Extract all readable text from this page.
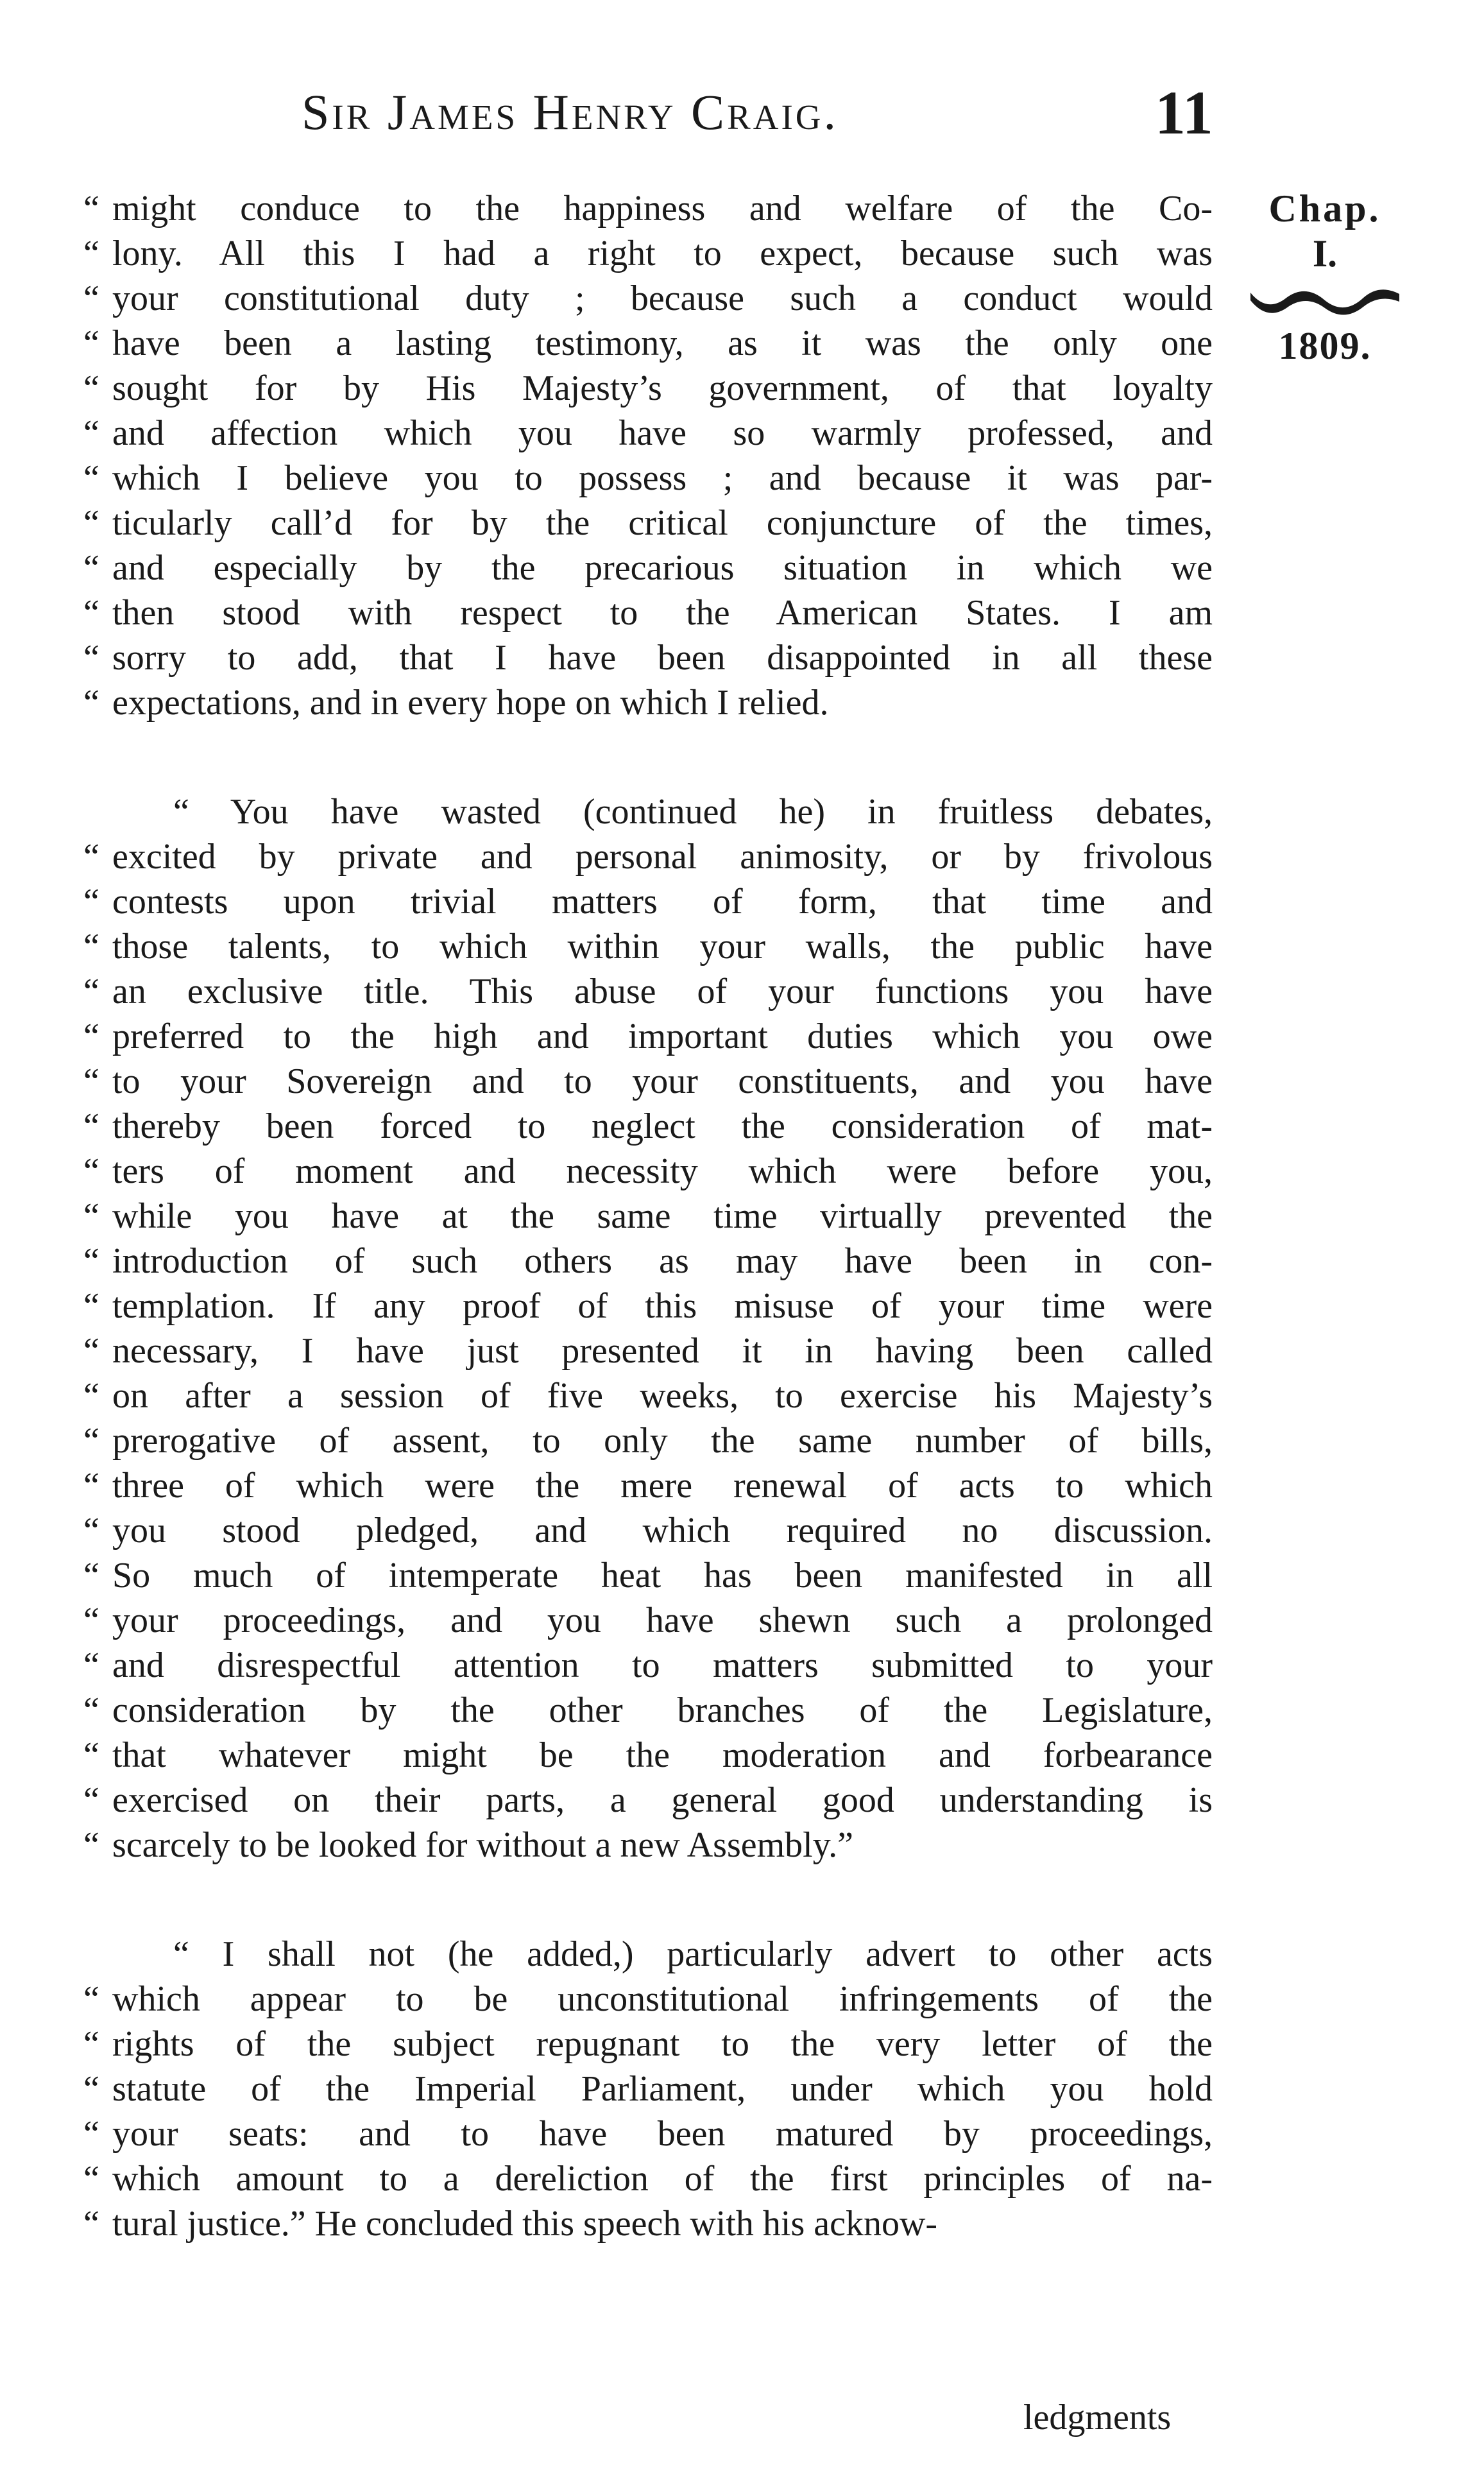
Sir James Henry Craig.	11
Chap.
I.
1809.
“ might conduce to the happiness and welfare of the Co-
“ lony. All this I had a right to expect, because such was
“ your constitutional duty ; because such a conduct would
“ have been a lasting testimony, as it was the only one
“ sought for by His Majesty’s government, of that loyalty
“ and affection which you have so warmly professed, and
“ which I believe you to possess ; and because it was par-
“ ticularly call’d for by the critical conjuncture of the times,
“ and especially by the precarious situation in which we
“ then stood with respect to the American States. I am
“ sorry to add, that I have been disappointed in all these
“ expectations, and in every hope on which I relied.
“ You have wasted (continued he) in fruitless debates,
“ excited by private and personal animosity, or by frivolous
“ contests upon trivial matters of form, that time and
“ those talents, to which within your walls, the public have
“ an exclusive title. This abuse of your functions you have
“ preferred to the high and important duties which you owe
“ to your Sovereign and to your constituents, and you have
“ thereby been forced to neglect the consideration of mat-
“ ters of moment and necessity which were before you,
“ while you have at the same time virtually prevented the
“ introduction of such others as may have been in con-
“ templation. If any proof of this misuse of your time were
“ necessary, I have just presented it in having been called
“ on after a session of five weeks, to exercise his Majesty’s
“ prerogative of assent, to only the same number of bills,
“ three of which were the mere renewal of acts to which
“ you stood pledged, and which required no discussion.
“ So much of intemperate heat has been manifested in all
“ your proceedings, and you have shewn such a prolonged
“ and disrespectful attention to matters submitted to your
“ consideration by the other branches of the Legislature,
“ that whatever might be the moderation and forbearance
“ exercised on their parts, a general good understanding is
“ scarcely to be looked for without a new Assembly.”
“ I shall not (he added,) particularly advert to other acts
“ which appear to be unconstitutional infringements of the
“ rights of the subject repugnant to the very letter of the
“ statute of the Imperial Parliament, under which you hold
“ your seats: and to have been matured by proceedings,
“ which amount to a dereliction of the first principles of na-
“ tural justice.” He concluded this speech with his acknow-
ledgments
